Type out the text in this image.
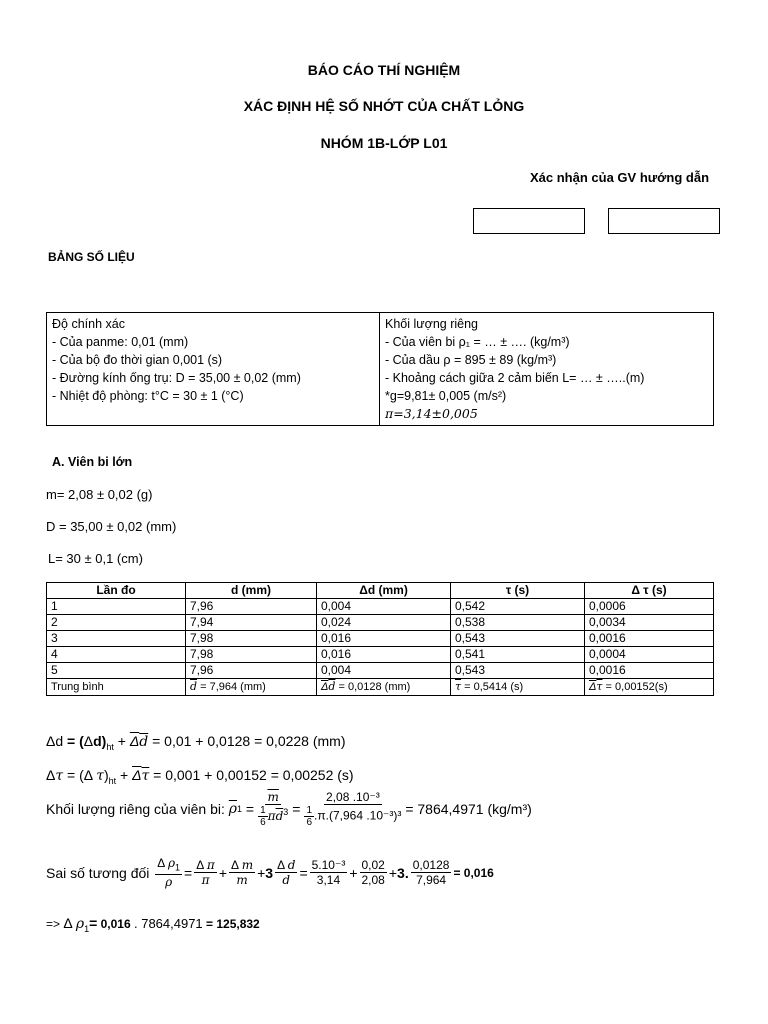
BÁO CÁO THÍ NGHIỆM
XÁC ĐỊNH HỆ SỐ NHỚT CỦA CHẤT LỎNG
NHÓM 1B-LỚP L01
Xác nhận của GV hướng dẫn
BẢNG SỐ LIỆU
Độ chính xác
- Của panme: 0,01 (mm)
- Của bộ đo thời gian 0,001 (s)
- Đường kính ống trụ: D = 35,00 ± 0,02 (mm)
- Nhiệt độ phòng: t°C = 30 ± 1 (°C)

Khối lượng riêng
- Của viên bi ρ₁ = … ± …. (kg/m³)
- Của dầu ρ = 895 ± 89 (kg/m³)
- Khoảng cách giữa 2 cảm biến L= … ± …..(m)
*g=9,81± 0,005 (m/s²)
π=3,14±0,005
A. Viên bi lớn
m= 2,08 ± 0,02 (g)
D = 35,00 ± 0,02 (mm)
L= 30 ± 0,1 (cm)
Lần đo	d (mm)	Δd (mm)	τ (s)	Δ τ (s)
1	7,96	0,004	0,542	0,0006
2	7,94	0,024	0,538	0,0034
3	7,98	0,016	0,543	0,0016
4	7,98	0,016	0,541	0,0004
5	7,96	0,004	0,543	0,0016
Trung bình	$\overline{d} = 7,964$ (mm)	Δd = 0,0128 (mm)	$\overline{\tau} = 0,5414$ (s)	Δτ = 0,00152(s)
$\Delta d = (\Delta d)_{ht} + \Delta d = 0,01 + 0,0128 = 0,0228$ (mm)
Δτ = (Δ $\tau)_{ht} + \Delta\tau = 0,001 + 0,00152 = 0,00252$ (s)
Khối lượng riêng của viên bi:
$\overline{\rho}$ $1 = \frac{\overline{m}}{\frac{1}{6} \pi\overline{d}^3} = \frac{\text{2,08 .10⁻³}}{\frac{1}{6} .\pi.(7,964 .10^{-3})^3} = 7864,4971$ (kg/m³)
Sai số tương đối
$\frac{\Delta \rho_1}{\rho} = \frac{\text{Δ π}}{\pi} + \frac{\text{Δ m}}{m} + 3 \frac{\text{Δ d}}{d} = \frac{\text{5.10⁻³}}{3,14} + \frac{0,02}{2,08} + 3$. $\frac{0,0128}{7,964} = 0,016$
=> Δ $\rho_1= 0,016$ . 7864,4971 = 125,832
